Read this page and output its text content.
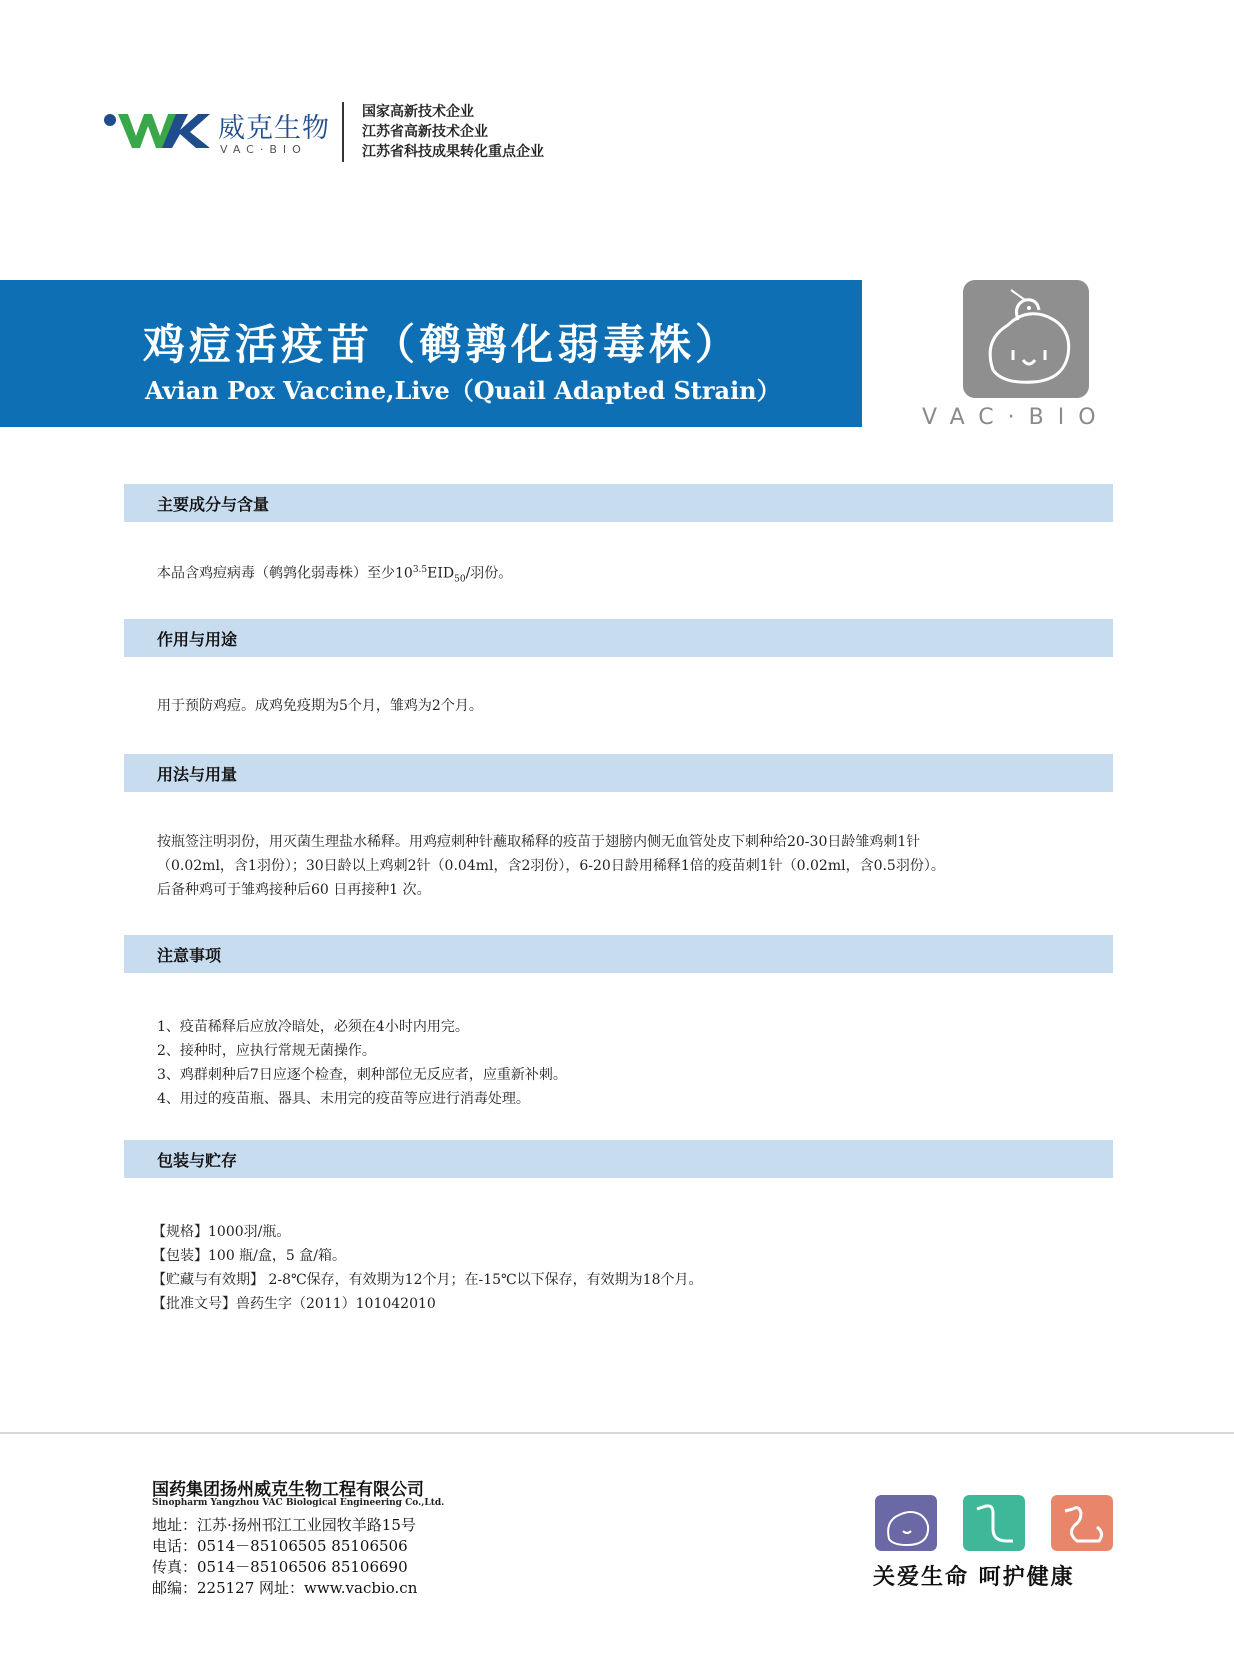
威克生物
VAC·BIO
国家高新技术企业
江苏省高新技术企业
江苏省科技成果转化重点企业
鸡痘活疫苗（鹌鹑化弱毒株）
Avian Pox Vaccine,Live（Quail Adapted Strain）
VAC·BIO
主要成分与含量
本品含鸡痘病毒（鹌鹑化弱毒株）至少$10^{3.5}EID_{50}/$羽份。
作用与用途
用于预防鸡痘。成鸡免疫期为5个月，雏鸡为2个月。
用法与用量
按瓶签注明羽份，用灭菌生理盐水稀释。用鸡痘刺种针蘸取稀释的疫苗于翅膀内侧无血管处皮下刺种给20-30日龄雏鸡刺1针
（0.02ml，含1羽份）；30日龄以上鸡刺2针（0.04ml，含2羽份），6-20日龄用稀释1倍的疫苗刺1针（0.02ml，含0.5羽份）。
后备种鸡可于雏鸡接种后60 日再接种1 次。
注意事项
1、疫苗稀释后应放冷暗处，必须在4小时内用完。
2、接种时，应执行常规无菌操作。
3、鸡群刺种后7日应逐个检查，刺种部位无反应者，应重新补刺。
4、用过的疫苗瓶、器具、未用完的疫苗等应进行消毒处理。
包装与贮存
【规格】1000羽/瓶。
【包装】100 瓶/盒，5 盒/箱。
【贮藏与有效期】 2-8℃保存，有效期为12个月；在-15℃以下保存，有效期为18个月。
【批准文号】兽药生字（2011）101042010
国药集团扬州威克生物工程有限公司
Sinopharm Yangzhou VAC Biological Engineering Co.,Ltd.
地址：江苏·扬州邗江工业园牧羊路15号
电话：0514－85106505 85106506
传真：0514－85106506 85106690
邮编：225127 网址：www.vacbio.cn	关爱生命 呵护健康
